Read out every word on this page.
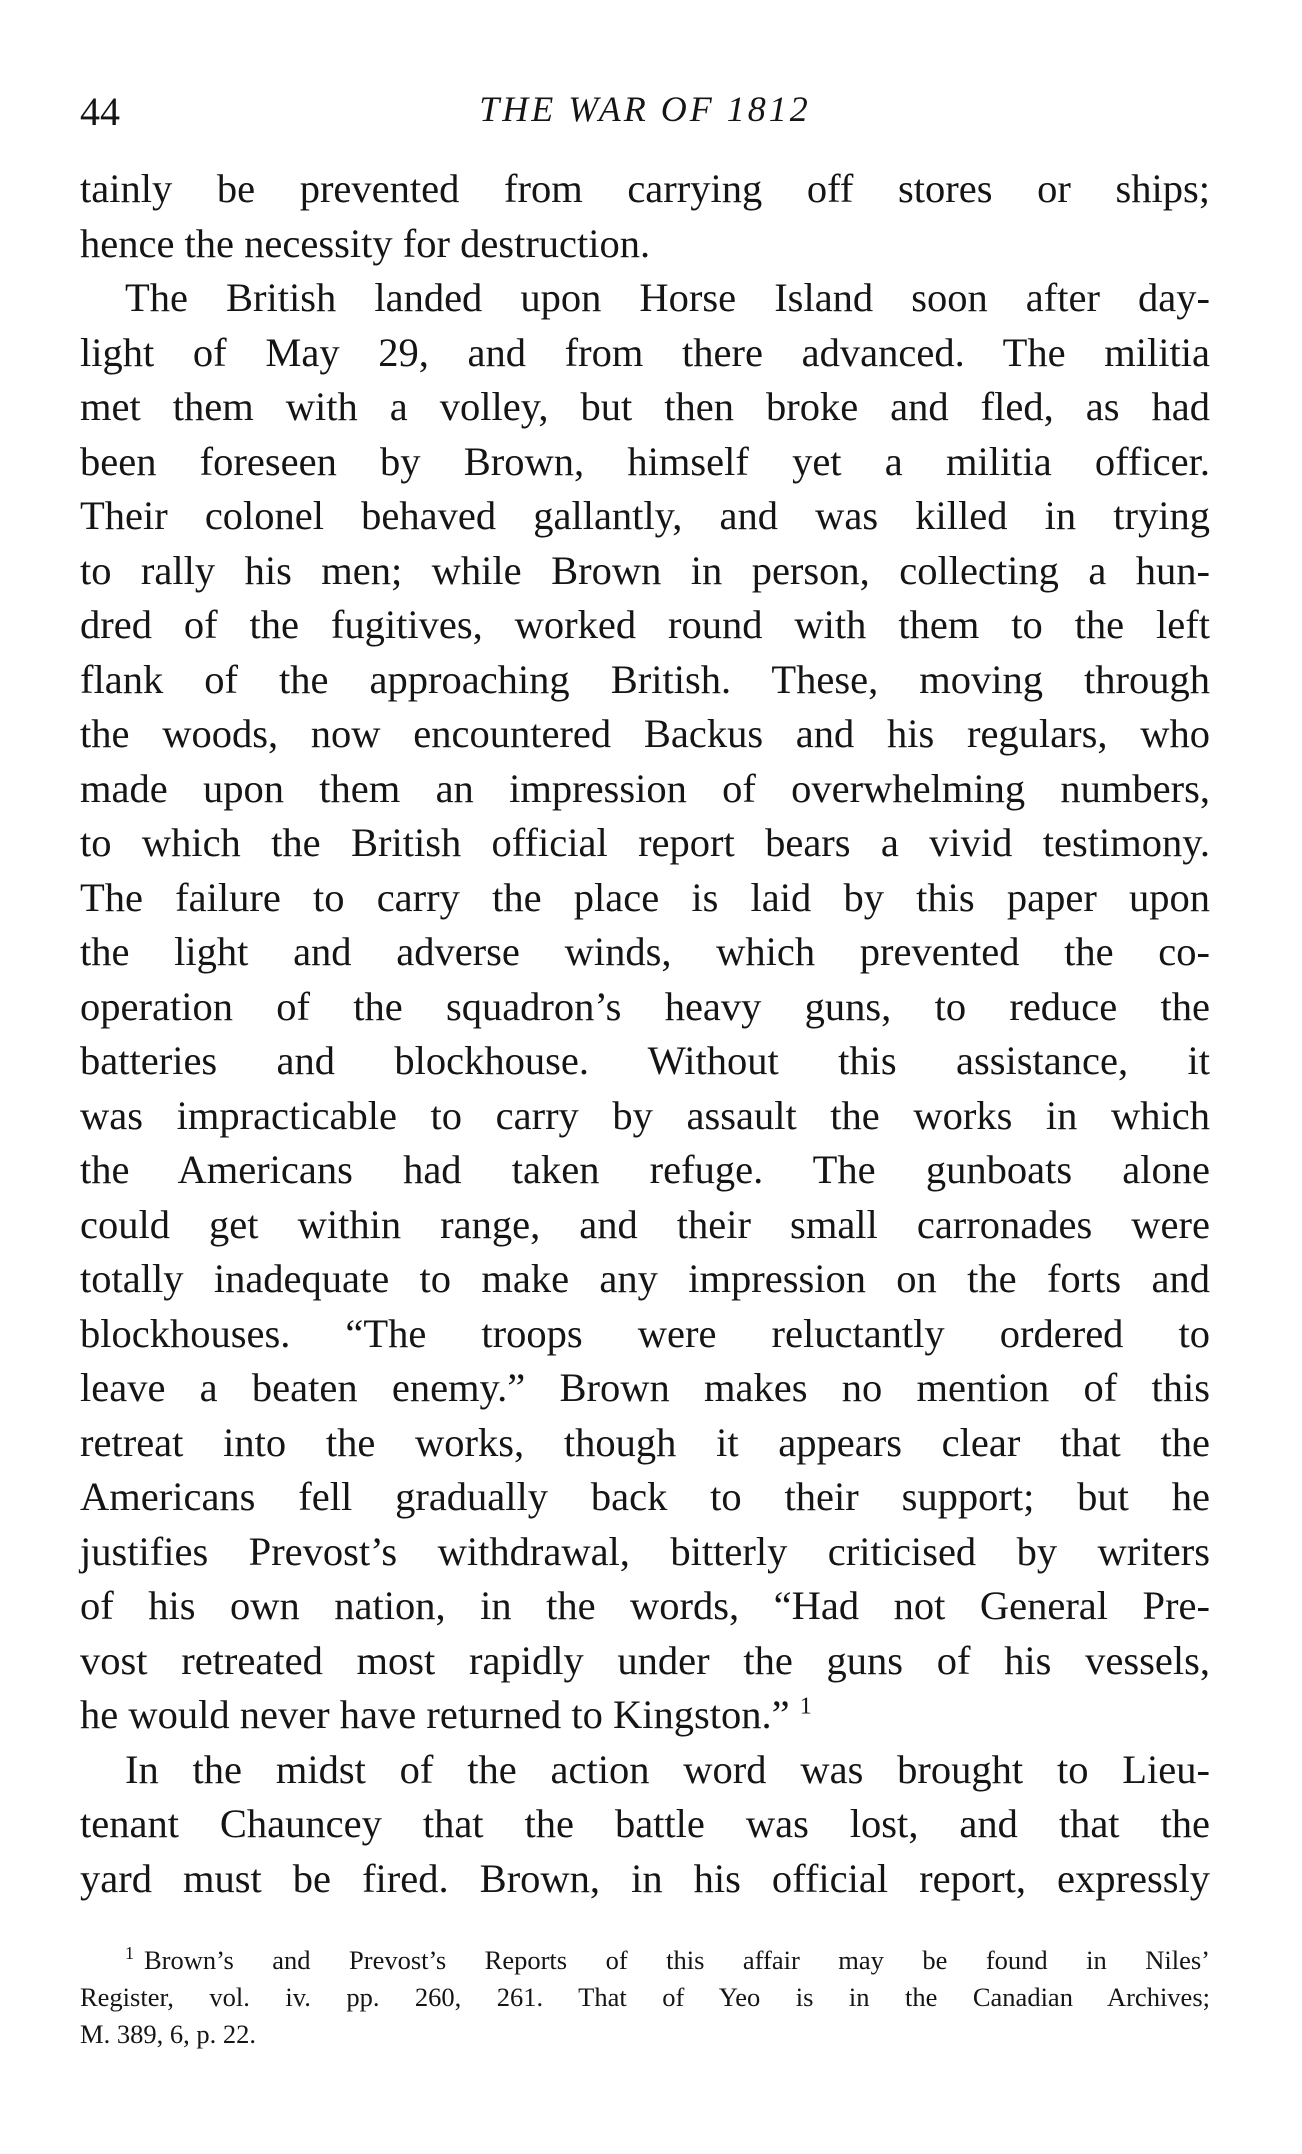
44	THE WAR OF 1812

tainly be prevented from carrying off stores or ships;
hence the necessity for destruction.

The British landed upon Horse Island soon after day-
light of May 29, and from there advanced. The militia
met them with a volley, but then broke and fled, as had
been foreseen by Brown, himself yet a militia officer.
Their colonel behaved gallantly, and was killed in trying
to rally his men; while Brown in person, collecting a hun-
dred of the fugitives, worked round with them to the left
flank of the approaching British. These, moving through
the woods, now encountered Backus and his regulars, who
made upon them an impression of overwhelming numbers,
to which the British official report bears a vivid testimony.
The failure to carry the place is laid by this paper upon
the light and adverse winds, which prevented the co-
operation of the squadron’s heavy guns, to reduce the
batteries and blockhouse. Without this assistance, it
was impracticable to carry by assault the works in which
the Americans had taken refuge. The gunboats alone
could get within range, and their small carronades were
totally inadequate to make any impression on the forts and
blockhouses. “The troops were reluctantly ordered to
leave a beaten enemy.” Brown makes no mention of this
retreat into the works, though it appears clear that the
Americans fell gradually back to their support; but he
justifies Prevost’s withdrawal, bitterly criticised by writers
of his own nation, in the words, “Had not General Pre-
vost retreated most rapidly under the guns of his vessels,
he would never have returned to Kingston.” $^1$

In the midst of the action word was brought to Lieu-
tenant Chauncey that the battle was lost, and that the
yard must be fired. Brown, in his official report, expressly

$^1$ Brown’s and Prevost’s Reports of this affair may be found in Niles’
Register, vol. iv. pp. 260, 261. That of Yeo is in the Canadian Archives;
M. 389, 6, p. 22.
